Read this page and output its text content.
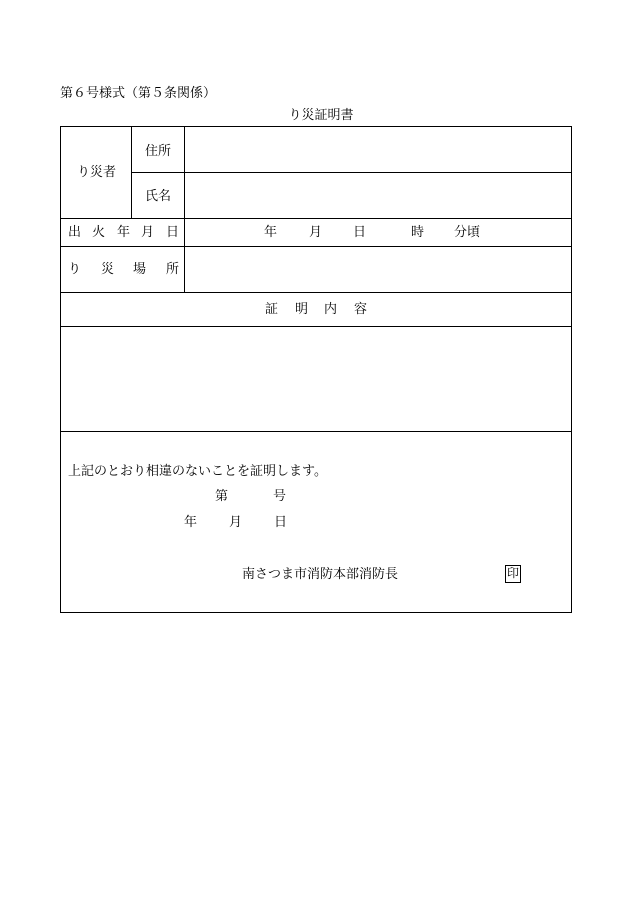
第６号様式（第５条関係）
り災証明書
り災者
住所
氏名
出 火 年 月 日	年 月 日	時 分頃
り 災 場 所
証 明 内 容
上記のとおり相違のないことを証明します。
第	号
年 月 日
南さつま市消防本部消防長	印
